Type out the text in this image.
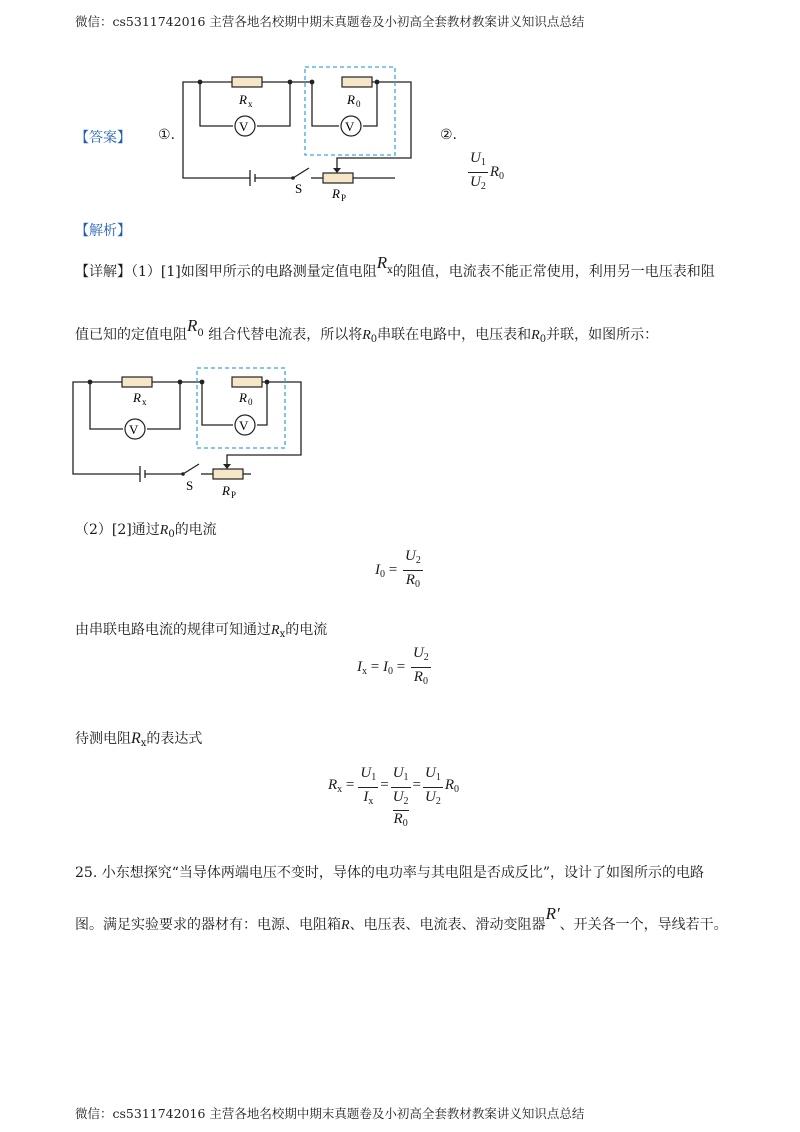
微信：cs5311742016 主营各地名校期中期末真题卷及小初高全套教材教案讲义知识点总结
【答案】 ①.	②.
$\frac{U_1}{U_2} R_0$
V	V
R x	R 0
R P
S
【解析】
【详解】（1）[1]如图甲所示的电路测量定值电阻$R^x$的阻值，电流表不能正常使用，利用另一电压表和阻
值已知的定值电阻$R^0$ 组合代替电流表，所以将$R_0$串联在电路中，电压表和$R_0$并联，如图所示：
V	V
R x	R 0
R P
S
（2）[2]通过$R_0$的电流
$I_0 = \frac{U_2}{R_0}$
由串联电路电流的规律可知通过$R_x$的电流
$I_x = I_0 = \frac{U_2}{R_0}$
待测电阻$R_x$的表达式
$R_x = \frac{U_1}{I_x} = U_1$
$U_2$
$R_0 = \frac{U_1}{U_2} R_0$
25. 小东想探究“当导体两端电压不变时，导体的电功率与其电阻是否成反比”，设计了如图所示的电路
图。满足实验要求的器材有：电源、电阻箱R、电压表、电流表、滑动变阻器R′、开关各一个，导线若干。
微信：cs5311742016 主营各地名校期中期末真题卷及小初高全套教材教案讲义知识点总结
